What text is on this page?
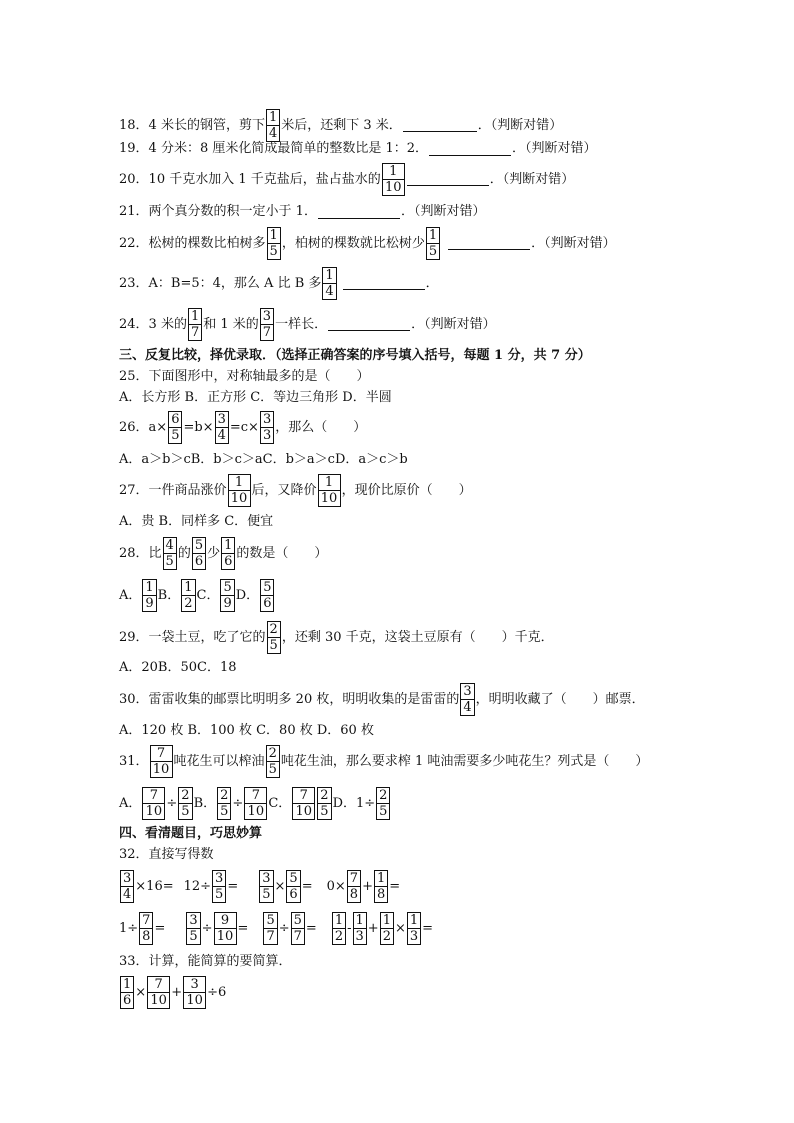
18．4 米长的钢管，剪下 1
4
米后，还剩下 3 米．	．（判断对错）
19．4 分米：8 厘米化简成最简单的整数比是 1：2．	．（判断对错）
20．10 千克水加入 1 千克盐后，盐占盐水的 1
10
．（判断对错）
21．两个真分数的积一定小于 1．	．（判断对错）
22．松树的棵数比柏树多 1
5
，柏树的棵数就比松树少 1
5
．（判断对错）
23．A：B=5：4，那么 A 比 B 多 1
4
．
24．3 米的 1
7
和 1 米的 3
7
一样长．	．（判断对错）
三、反复比较，择优录取．（选择正确答案的序号填入括号，每题 1 分，共 7 分）
25．下面图形中，对称轴最多的是（　　）
A．长方形 B．正方形 C．等边三角形 D．半圆
26．$a\times \frac{6}{5} =b\times \frac{3}{4} =c\times \frac{3}{3}$ ，那么（　　）
A．a＞b＞cB．b＞c＞aC．b＞a＞cD．a＞c＞b
27．一件商品涨价 1
10
后，又降价 1
10
，现价比原价（　　）
A．贵 B．同样多 C．便宜
28．比 4
5
的 5
6
少 1
6
的数是（　　）
A． 1
9
B． 1
2
C． 5
9
D． 5
6
29．一袋土豆，吃了它的 2
5
，还剩 30 千克，这袋土豆原有（　　）千克．
A．20B．50C．18
30．雷雷收集的邮票比明明多 20 枚，明明收集的是雷雷的 3
4
，明明收藏了（　　）邮票．
A．120 枚 B．100 枚 C．80 枚 D．60 枚
31． 7
10
吨花生可以榨油 2
5
吨花生油，那么要求榨 1 吨油需要多少吨花生？列式是（　　）
A． $\frac{7}{10} \div \frac{2}{5}$ B． $\frac{2}{5} \div \frac{7}{10}$ C． 7
10
2
5
D．$1\div \frac{2}{5}$
四、看清题目，巧思妙算
32．直接写得数
$\frac{3}{4} \times 16= 12\div \frac{3}{5} = \frac{3}{5} \times \frac{5}{6} = 0\times \frac{7}{8} + \frac{1}{8}$ =
$1\div \frac{7}{8} = \frac{3}{5} \div \frac{9}{10} = \frac{5}{7} \div \frac{5}{7} = 1$
2
- 1
3
+ $\frac{1}{2} \times \frac{1}{3}$ =
33．计算，能简算的要简算．
$\frac{1}{6} \times \frac{7}{10} + \frac{3}{10} \div 6$
